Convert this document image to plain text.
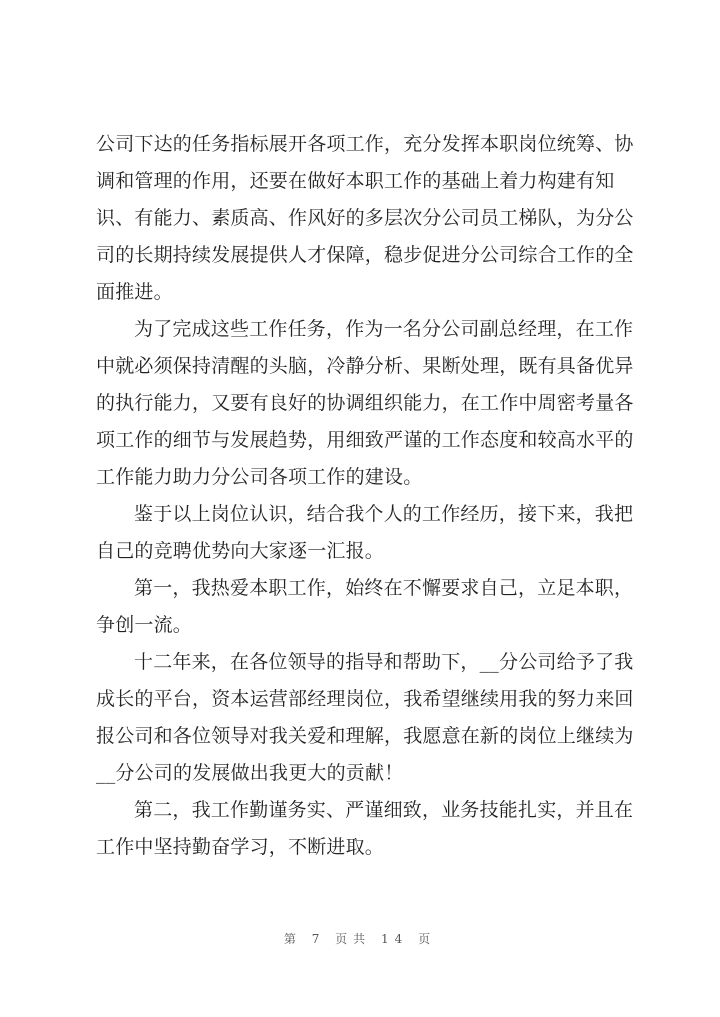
公司下达的任务指标展开各项工作，充分发挥本职岗位统筹、协
调和管理的作用，还要在做好本职工作的基础上着力构建有知
识、有能力、素质高、作风好的多层次分公司员工梯队，为分公
司的长期持续发展提供人才保障，稳步促进分公司综合工作的全
面推进。
为了完成这些工作任务，作为一名分公司副总经理，在工作
中就必须保持清醒的头脑，冷静分析、果断处理，既有具备优异
的执行能力，又要有良好的协调组织能力，在工作中周密考量各
项工作的细节与发展趋势，用细致严谨的工作态度和较高水平的
工作能力助力分公司各项工作的建设。
鉴于以上岗位认识，结合我个人的工作经历，接下来，我把
自己的竞聘优势向大家逐一汇报。
第一，我热爱本职工作，始终在不懈要求自己，立足本职，
争创一流。
十二年来，在各位领导的指导和帮助下，__分公司给予了我
成长的平台，资本运营部经理岗位，我希望继续用我的努力来回
报公司和各位领导对我关爱和理解，我愿意在新的岗位上继续为
__分公司的发展做出我更大的贡献！
第二，我工作勤谨务实、严谨细致，业务技能扎实，并且在
工作中坚持勤奋学习，不断进取。
第 7 页共 14 页
